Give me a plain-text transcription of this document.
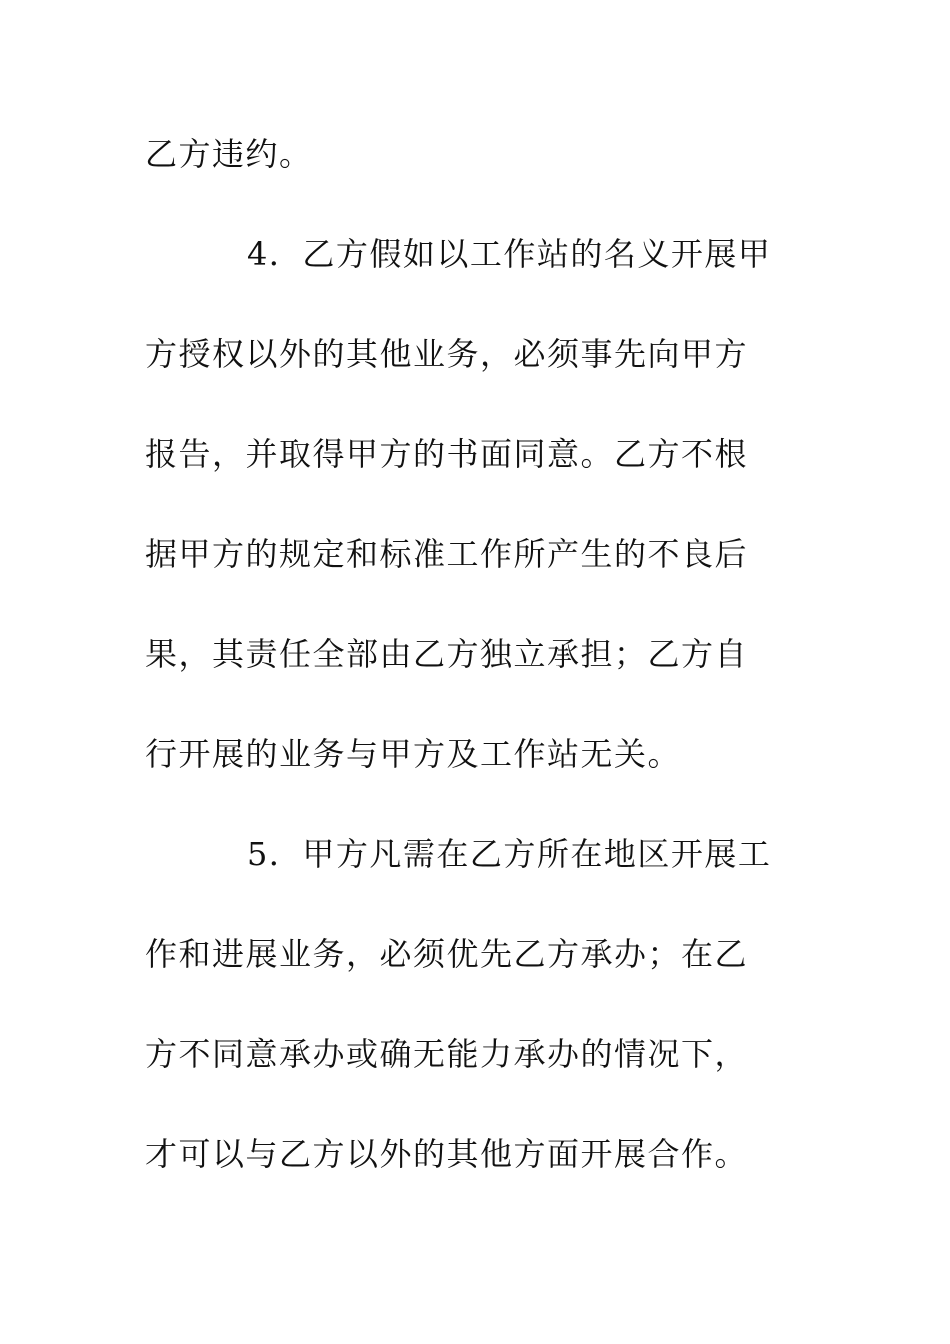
乙方违约。
4．乙方假如以工作站的名义开展甲
方授权以外的其他业务，必须事先向甲方
报告，并取得甲方的书面同意。乙方不根
据甲方的规定和标准工作所产生的不良后
果，其责任全部由乙方独立承担；乙方自
行开展的业务与甲方及工作站无关。
5．甲方凡需在乙方所在地区开展工
作和进展业务，必须优先乙方承办；在乙
方不同意承办或确无能力承办的情况下，
才可以与乙方以外的其他方面开展合作。
